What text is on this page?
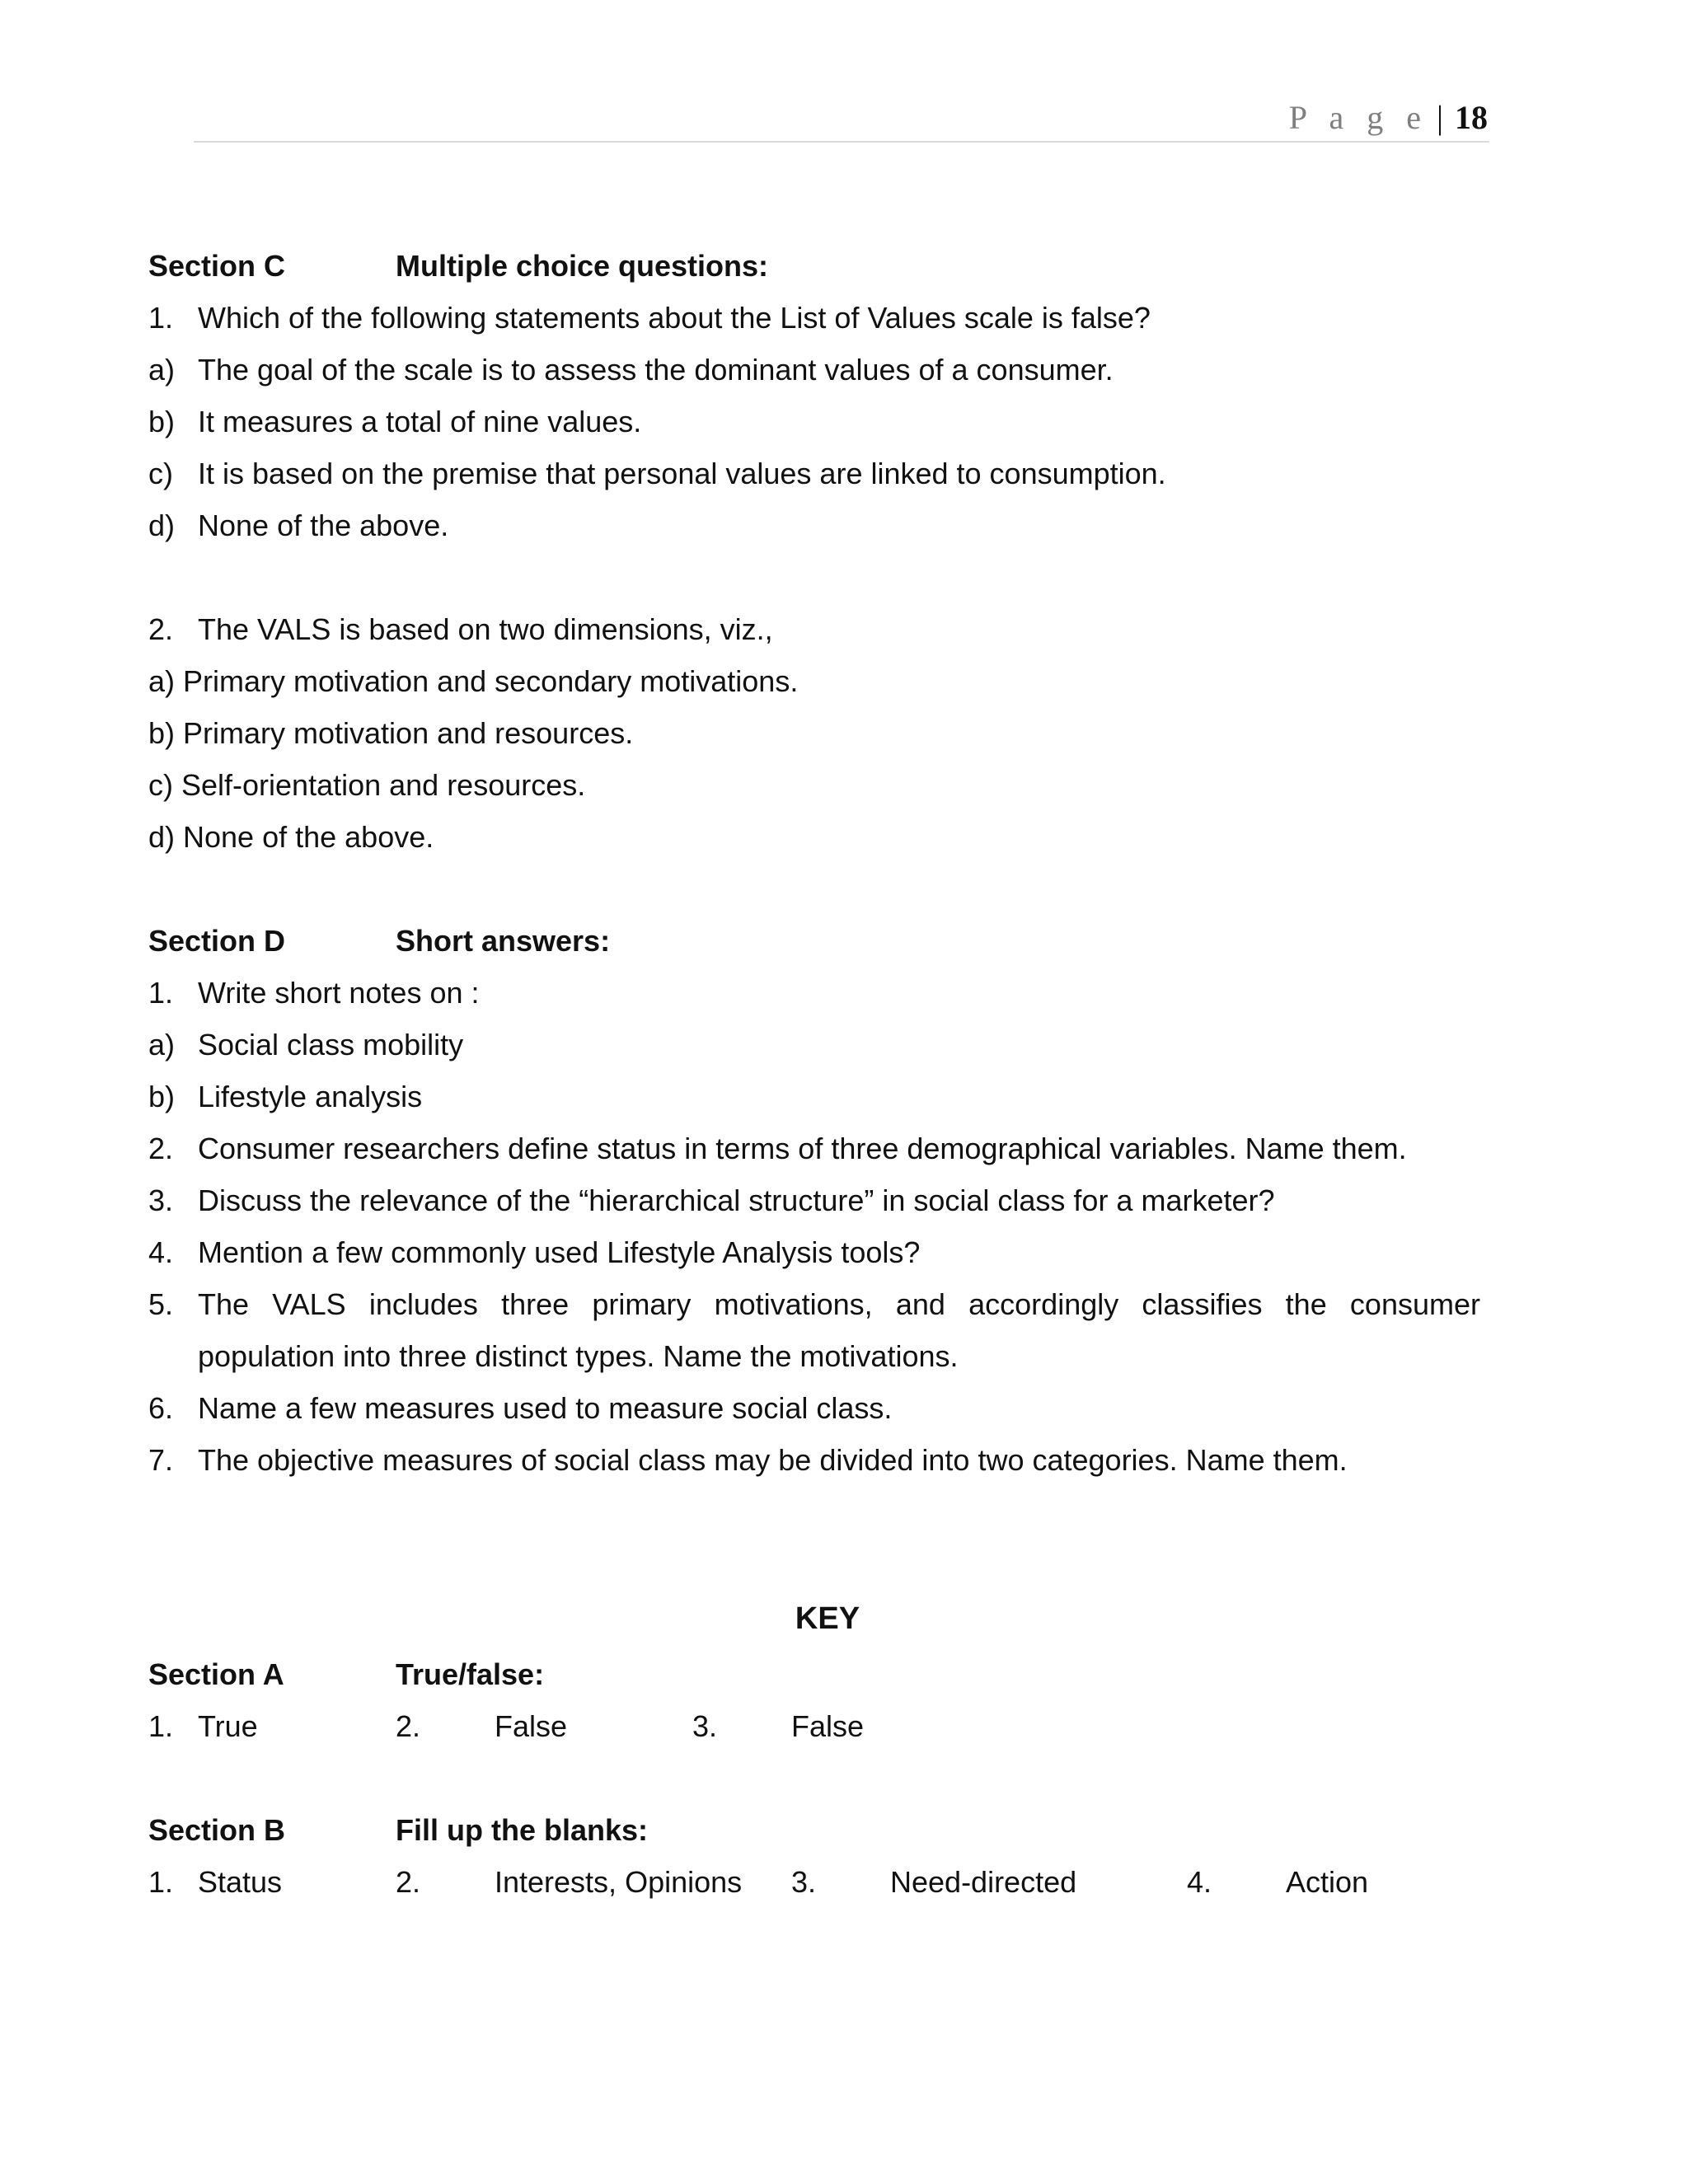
P a g e | 18
Section C	Multiple choice questions:
1. Which of the following statements about the List of Values scale is false?
a) The goal of the scale is to assess the dominant values of a consumer.
b) It measures a total of nine values.
c) It is based on the premise that personal values are linked to consumption.
d) None of the above.
2. The VALS is based on two dimensions, viz.,
a) Primary motivation and secondary motivations.
b) Primary motivation and resources.
c) Self-orientation and resources.
d) None of the above.
Section D	Short answers:
1. Write short notes on :
a) Social class mobility
b) Lifestyle analysis
2. Consumer researchers define status in terms of three demographical variables. Name them.
3. Discuss the relevance of the “hierarchical structure” in social class for a marketer?
4. Mention a few commonly used Lifestyle Analysis tools?
5. The VALS includes three primary motivations, and accordingly classifies the consumer
population into three distinct types. Name the motivations.
6. Name a few measures used to measure social class.
7. The objective measures of social class may be divided into two categories. Name them.
KEY
Section A	True/false:
1. True	2. False	3. False
Section B	Fill up the blanks:
1. Status	2. Interests, Opinions 3. Need-directed	4. Action
